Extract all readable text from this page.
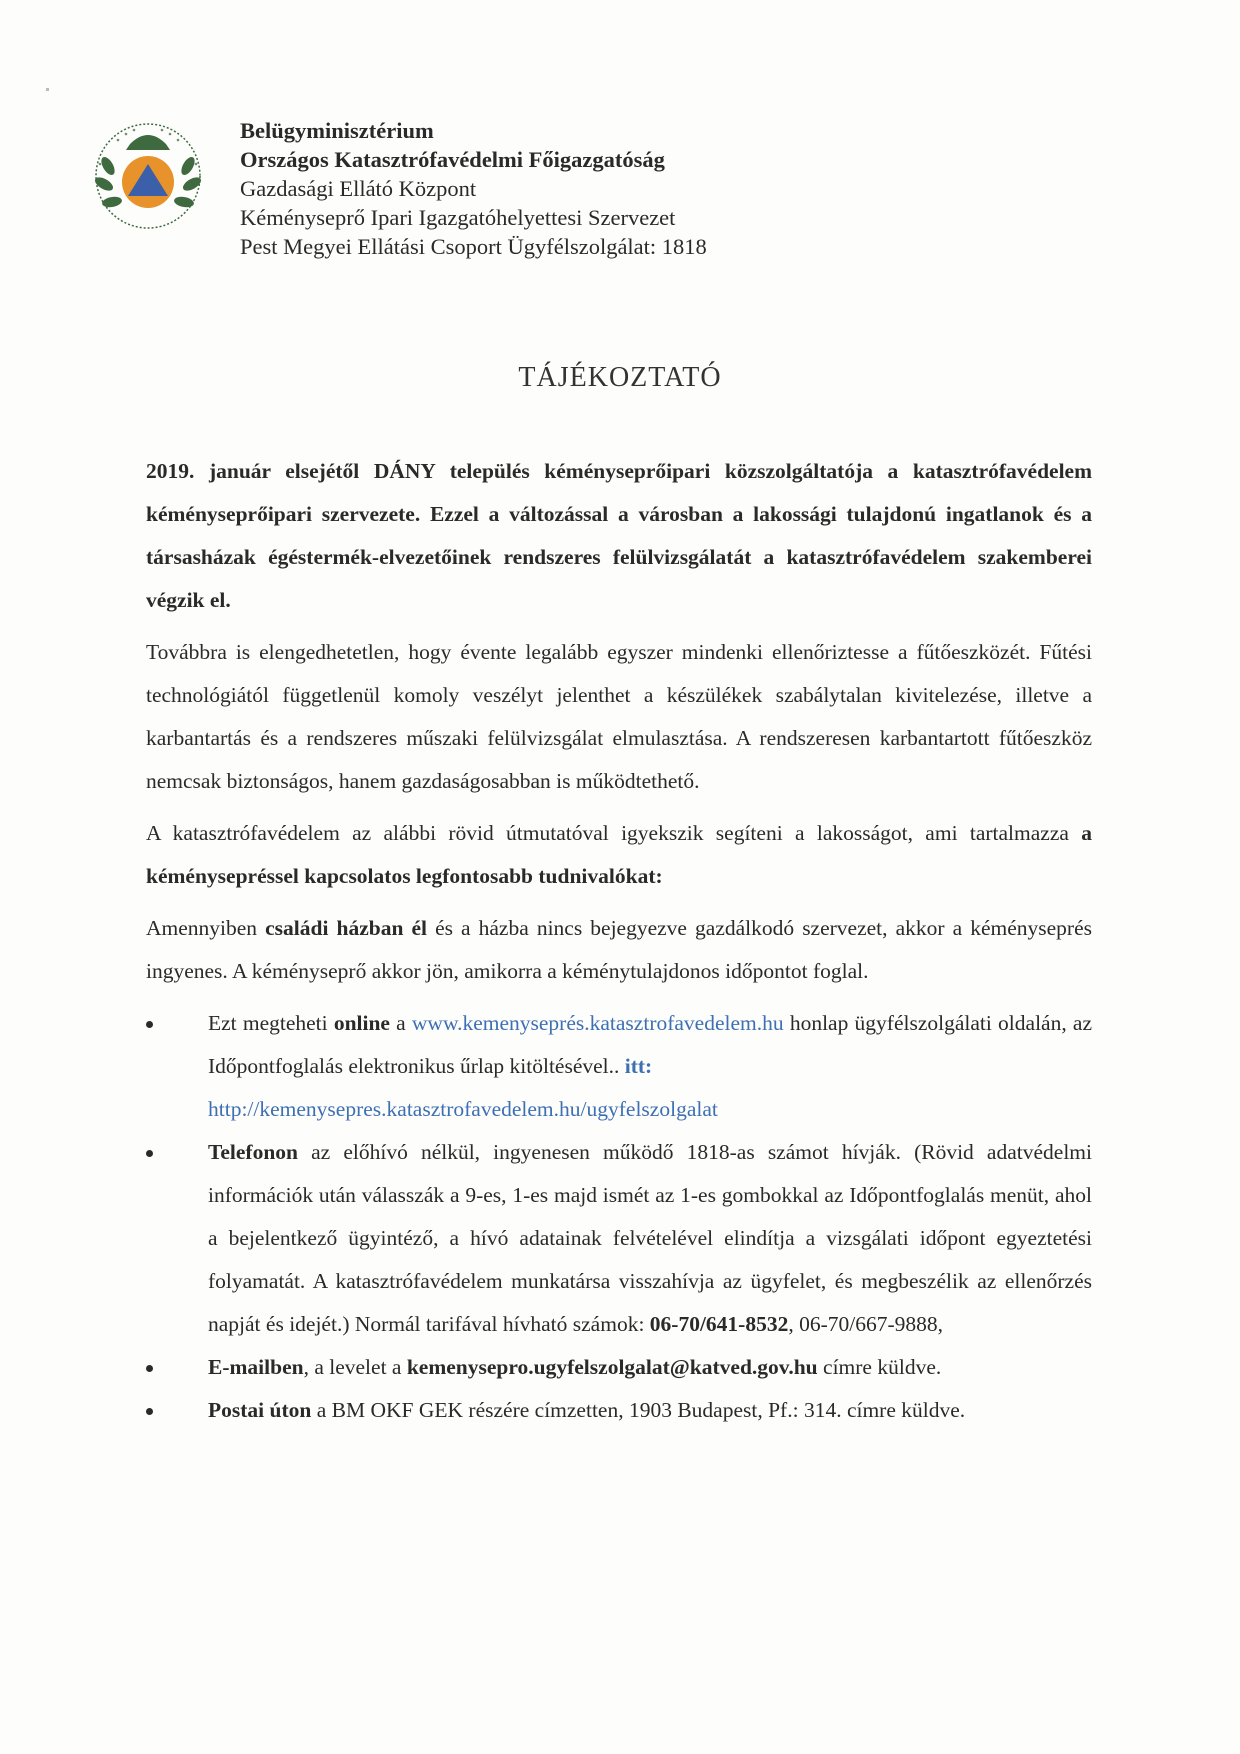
Belügyminisztérium
Országos Katasztrófavédelmi Főigazgatóság
Gazdasági Ellátó Központ
Kéményseprő Ipari Igazgatóhelyettesi Szervezet
Pest Megyei Ellátási Csoport Ügyfélszolgálat: 1818
TÁJÉKOZTATÓ

2019. január elsejétől DÁNY település kéményseprőipari közszolgáltatója a katasztrófavédelem kéményseprőipari szervezete. Ezzel a változással a városban a lakossági tulajdonú ingatlanok és a társasházak égéstermék-elvezetőinek rendszeres felülvizsgálatát a katasztrófavédelem szakemberei végzik el.

Továbbra is elengedhetetlen, hogy évente legalább egyszer mindenki ellenőriztesse a fűtőeszközét. Fűtési technológiától függetlenül komoly veszélyt jelenthet a készülékek szabálytalan kivitelezése, illetve a karbantartás és a rendszeres műszaki felülvizsgálat elmulasztása. A rendszeresen karbantartott fűtőeszköz nemcsak biztonságos, hanem gazdaságosabban is működtethető.

A katasztrófavédelem az alábbi rövid útmutatóval igyekszik segíteni a lakosságot, ami tartalmazza a kéménysepréssel kapcsolatos legfontosabb tudnivalókat:

Amennyiben családi házban él és a házba nincs bejegyezve gazdálkodó szervezet, akkor a kéményseprés ingyenes. A kéményseprő akkor jön, amikorra a kéménytulajdonos időpontot foglal.

Ezt megteheti online a www.kemenyseprés.katasztrofavedelem.hu honlap ügyfélszolgálati oldalán, az Időpontfoglalás elektronikus űrlap kitöltésével.. itt:
http://kemenysepres.katasztrofavedelem.hu/ugyfelszolgalat
Telefonon az előhívó nélkül, ingyenesen működő 1818-as számot hívják. (Rövid adatvédelmi információk után válasszák a 9-es, 1-es majd ismét az 1-es gombokkal az Időpontfoglalás menüt, ahol a bejelentkező ügyintéző, a hívó adatainak felvételével elindítja a vizsgálati időpont egyeztetési folyamatát. A katasztrófavédelem munkatársa visszahívja az ügyfelet, és megbeszélik az ellenőrzés napját és idejét.) Normál tarifával hívható számok: 06-70/641-8532, 06-70/667-9888,
E-mailben, a levelet a kemenysepro.ugyfelszolgalat@katved.gov.hu címre küldve.
Postai úton a BM OKF GEK részére címzetten, 1903 Budapest, Pf.: 314. címre küldve.
